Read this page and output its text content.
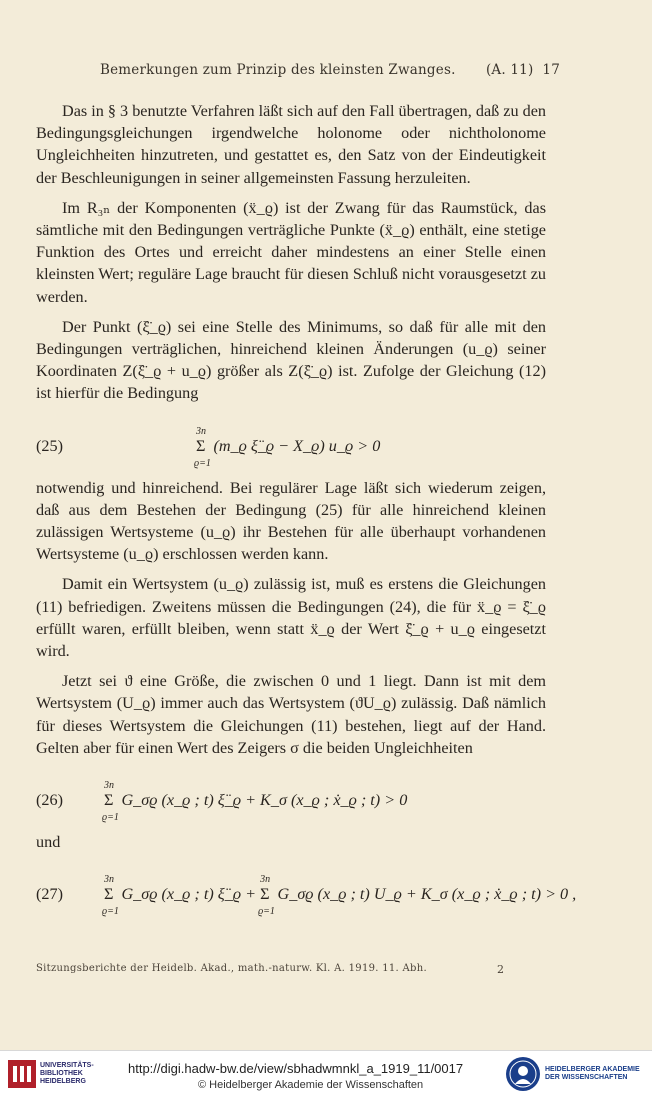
Bemerkungen zum Prinzip des kleinsten Zwanges. (A. 11) 17

Das in § 3 benutzte Verfahren läßt sich auf den Fall übertragen, daß zu den Bedingungsgleichungen irgendwelche holonome oder nichtholonome Ungleichheiten hinzutreten, und gestattet es, den Satz von der Eindeutigkeit der Beschleunigungen in seiner allgemeinsten Fassung herzuleiten.

Im R₃ₙ der Komponenten (ẍ_ϱ) ist der Zwang für das Raumstück, das sämtliche mit den Bedingungen verträgliche Punkte (ẍ_ϱ) enthält, eine stetige Funktion des Ortes und erreicht daher mindestens an einer Stelle einen kleinsten Wert; reguläre Lage braucht für diesen Schluß nicht vorausgesetzt zu werden.

Der Punkt (ξ̈_ϱ) sei eine Stelle des Minimums, so daß für alle mit den Bedingungen verträglichen, hinreichend kleinen Änderungen (u_ϱ) seiner Koordinaten Z(ξ̈_ϱ + u_ϱ) größer als Z(ξ̈_ϱ) ist. Zufolge der Gleichung (12) ist hierfür die Bedingung

(25)	Σ
3n
ϱ=1
(m_ϱ ξ̈_ϱ − X_ϱ) u_ϱ > 0

notwendig und hinreichend. Bei regulärer Lage läßt sich wiederum zeigen, daß aus dem Bestehen der Bedingung (25) für alle hinreichend kleinen zulässigen Wertsysteme (u_ϱ) ihr Bestehen für alle überhaupt vorhandenen Wertsysteme (u_ϱ) erschlossen werden kann.

Damit ein Wertsystem (u_ϱ) zulässig ist, muß es erstens die Gleichungen (11) befriedigen. Zweitens müssen die Bedingungen (24), die für ẍ_ϱ = ξ̈_ϱ erfüllt waren, erfüllt bleiben, wenn statt ẍ_ϱ der Wert ξ̈_ϱ + u_ϱ eingesetzt wird.

Jetzt sei ϑ eine Größe, die zwischen 0 und 1 liegt. Dann ist mit dem Wertsystem (U_ϱ) immer auch das Wertsystem (ϑU_ϱ) zulässig. Daß nämlich für dieses Wertsystem die Gleichungen (11) bestehen, liegt auf der Hand. Gelten aber für einen Wert des Zeigers σ die beiden Ungleichheiten

(26)	Σ
3n
ϱ=1
G_σϱ (x_ϱ ; t) ξ̈_ϱ + K_σ (x_ϱ ; ẋ_ϱ ; t) > 0

und

(27)	Σ
3n
ϱ=1
G_σϱ (x_ϱ ; t) ξ̈_ϱ + Σ
3n
ϱ=1
G_σϱ (x_ϱ ; t) U_ϱ + K_σ (x_ϱ ; ẋ_ϱ ; t) > 0 ,
Sitzungsberichte der Heidelb. Akad., math.-naturw. Kl. A. 1919. 11. Abh.	2
UNIVERSITÄTS-
BIBLIOTHEK
HEIDELBERG
http://digi.hadw-bw.de/view/sbhadwmnkl_a_1919_11/0017
© Heidelberger Akademie der Wissenschaften
HEIDELBERGER AKADEMIE
DER WISSENSCHAFTEN
